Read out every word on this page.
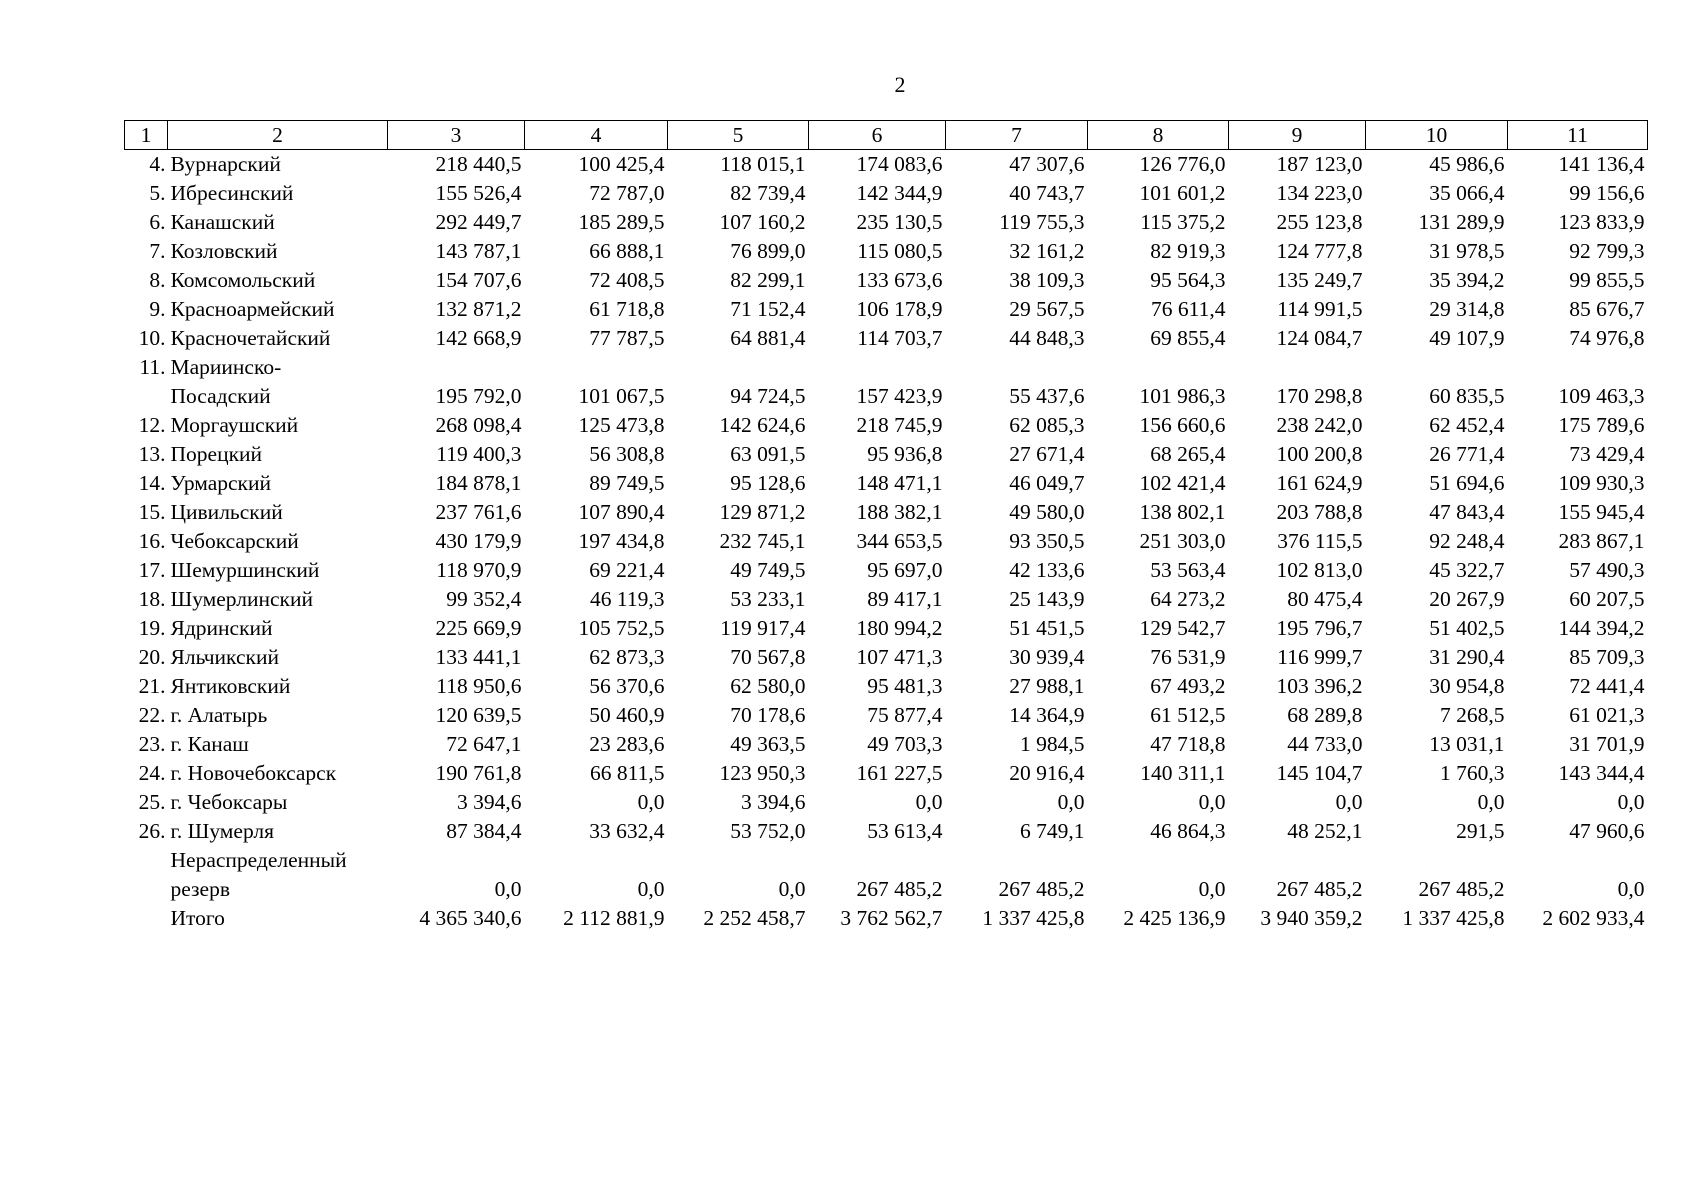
2
1	2	3	4	5	6	7	8	9	10	11
4.	Вурнарский	218 440,5	100 425,4	118 015,1	174 083,6	47 307,6	126 776,0	187 123,0	45 986,6	141 136,4
5.	Ибресинский	155 526,4	72 787,0	82 739,4	142 344,9	40 743,7	101 601,2	134 223,0	35 066,4	99 156,6
6.	Канашский	292 449,7	185 289,5	107 160,2	235 130,5	119 755,3	115 375,2	255 123,8	131 289,9	123 833,9
7.	Козловский	143 787,1	66 888,1	76 899,0	115 080,5	32 161,2	82 919,3	124 777,8	31 978,5	92 799,3
8.	Комсомольский	154 707,6	72 408,5	82 299,1	133 673,6	38 109,3	95 564,3	135 249,7	35 394,2	99 855,5
9.	Красноармейский	132 871,2	61 718,8	71 152,4	106 178,9	29 567,5	76 611,4	114 991,5	29 314,8	85 676,7
10.	Красночетайский	142 668,9	77 787,5	64 881,4	114 703,7	44 848,3	69 855,4	124 084,7	49 107,9	74 976,8
11.	Мариинско-									
	Посадский	195 792,0	101 067,5	94 724,5	157 423,9	55 437,6	101 986,3	170 298,8	60 835,5	109 463,3
12.	Моргаушский	268 098,4	125 473,8	142 624,6	218 745,9	62 085,3	156 660,6	238 242,0	62 452,4	175 789,6
13.	Порецкий	119 400,3	56 308,8	63 091,5	95 936,8	27 671,4	68 265,4	100 200,8	26 771,4	73 429,4
14.	Урмарский	184 878,1	89 749,5	95 128,6	148 471,1	46 049,7	102 421,4	161 624,9	51 694,6	109 930,3
15.	Цивильский	237 761,6	107 890,4	129 871,2	188 382,1	49 580,0	138 802,1	203 788,8	47 843,4	155 945,4
16.	Чебоксарский	430 179,9	197 434,8	232 745,1	344 653,5	93 350,5	251 303,0	376 115,5	92 248,4	283 867,1
17.	Шемуршинский	118 970,9	69 221,4	49 749,5	95 697,0	42 133,6	53 563,4	102 813,0	45 322,7	57 490,3
18.	Шумерлинский	99 352,4	46 119,3	53 233,1	89 417,1	25 143,9	64 273,2	80 475,4	20 267,9	60 207,5
19.	Ядринский	225 669,9	105 752,5	119 917,4	180 994,2	51 451,5	129 542,7	195 796,7	51 402,5	144 394,2
20.	Яльчикский	133 441,1	62 873,3	70 567,8	107 471,3	30 939,4	76 531,9	116 999,7	31 290,4	85 709,3
21.	Янтиковский	118 950,6	56 370,6	62 580,0	95 481,3	27 988,1	67 493,2	103 396,2	30 954,8	72 441,4
22.	г. Алатырь	120 639,5	50 460,9	70 178,6	75 877,4	14 364,9	61 512,5	68 289,8	7 268,5	61 021,3
23.	г. Канаш	72 647,1	23 283,6	49 363,5	49 703,3	1 984,5	47 718,8	44 733,0	13 031,1	31 701,9
24.	г. Новочебоксарск	190 761,8	66 811,5	123 950,3	161 227,5	20 916,4	140 311,1	145 104,7	1 760,3	143 344,4
25.	г. Чебоксары	3 394,6	0,0	3 394,6	0,0	0,0	0,0	0,0	0,0	0,0
26.	г. Шумерля	87 384,4	33 632,4	53 752,0	53 613,4	6 749,1	46 864,3	48 252,1	291,5	47 960,6
	Нераспределенный									
	резерв	0,0	0,0	0,0	267 485,2	267 485,2	0,0	267 485,2	267 485,2	0,0
	Итого	4 365 340,6	2 112 881,9	2 252 458,7	3 762 562,7	1 337 425,8	2 425 136,9	3 940 359,2	1 337 425,8	2 602 933,4
